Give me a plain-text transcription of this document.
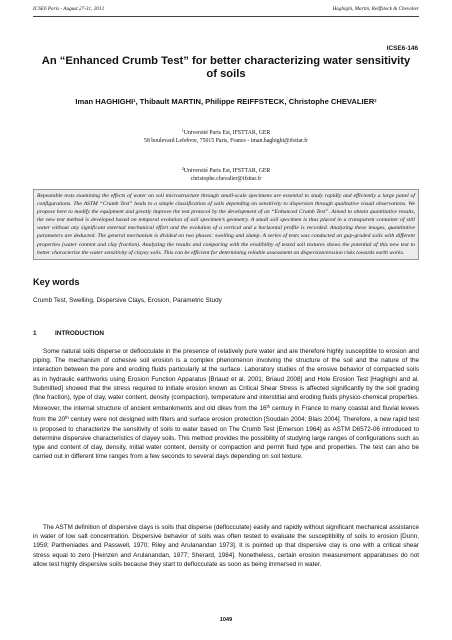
ICSE6 Paris - August 27-31, 2012	Haghighi, Martin, Reiffsteck & Chevalier
ICSE6-146
An “Enhanced Crumb Test” for better characterizing water sensitivity of soils
Iman HAGHIGHI$^1$, Thibault MARTIN, Philippe REIFFSTECK, Christophe CHEVALIER$^2$
$^1$Université Paris Est, IFSTTAR, GER
58 boulevard Lefebvre, 75015 Paris, France - iman.haghighi@ifsttar.fr
$^2$Université Paris Est, IFSTTAR, GER
christophe.chevalier@ifsttar.fr
Repeatable tests examining the effects of water on soil microstructure through small-scale specimens are essential to study rapidly and efficiently a large panel of configurations. The ASTM “Crumb Test” leads to a simple classification of soils depending on sensitivity to dispersion through qualitative visual observations. We propose here to modify the equipment and greatly improve the test protocol by the development of an “Enhanced Crumb Test”. Aimed to obtain quantitative results, the new test method is developed based on temporal evolution of soil specimen’s geometry. A small soil specimen is thus placed in a transparent container of still water without any significant external mechanical effort and the evolution of a vertical and a horizontal profile is recorded. Analyzing these images, quantitative parameters are deducted. The general mechanism is divided on two phases: swelling and slump. A series of tests was conducted on gap-graded soils with different properties (water content and clay fraction). Analyzing the results and comparing with the erodibility of tested soil textures shows the potential of this new test to better characterize the water sensitivity of clayey soils. This can be efficient for determining reliable assessment on dispersion/erosion risks towards earth works.
Key words
Crumb Test, Swelling, Dispersive Clays, Erosion, Parametric Study
1	INTRODUCTION

Some natural soils disperse or deflocculate in the presence of relatively pure water and are therefore highly susceptible to erosion and piping. The mechanism of cohesive soil erosion is a complex phenomenon involving the structure of the soil and the nature of the interaction between the pore and eroding fluids particularly at the surface. Laboratory studies of the erosive behavior of compacted soils as in hydraulic earthworks using Erosion Function Apparatus [Briaud et al. 2001; Briaud 2008] and Hole Erosion Test [Haghighi and al. Submitted] showed that the stress required to initiate erosion known as Critical Shear Stress is affected significantly by the soil grading (fine fraction), type of clay, water content, density (compaction), temperature and interstitial and eroding fluids physico-chemical properties. Moreover, the internal structure of ancient embankments and old dikes from the 16th century in France to many coastal and fluvial levees from the 20th century were not designed with filters and surface erosion protection [Soudain 2004; Blais 2004]. Therefore, a new rapid test is proposed to characterize the sensitivity of soils to water based on The Crumb Test [Emerson 1964] as ASTM D6572-06 introduced to determine dispersive characteristics of clayey soils. This method provides the possibility of studying large ranges of configurations such as type and content of clay, density, initial water content, density or compaction and permit fluid type and properties. The test can also be carried out in different time ranges from a few seconds to several days depending on soil texture.

The ASTM definition of dispersive clays is soils that disperse (deflocculate) easily and rapidly without significant mechanical assistance in water of low salt concentration. Dispersive behavior of soils was often tested to evaluate the susceptibility of soils to erosion [Dunn, 1959; Partheniades and Passwell, 1970; Riley and Arulanandan 1973]. It is pointed up that dispersive clay is one with a critical shear stress equal to zero [Heinzen and Arulanandan, 1977; Sherard, 1984]. Nonetheless, certain erosion measurement apparatuses do not allow test highly dispersive soils because they start to deflocculate as soon as being immersed in water.

1049
